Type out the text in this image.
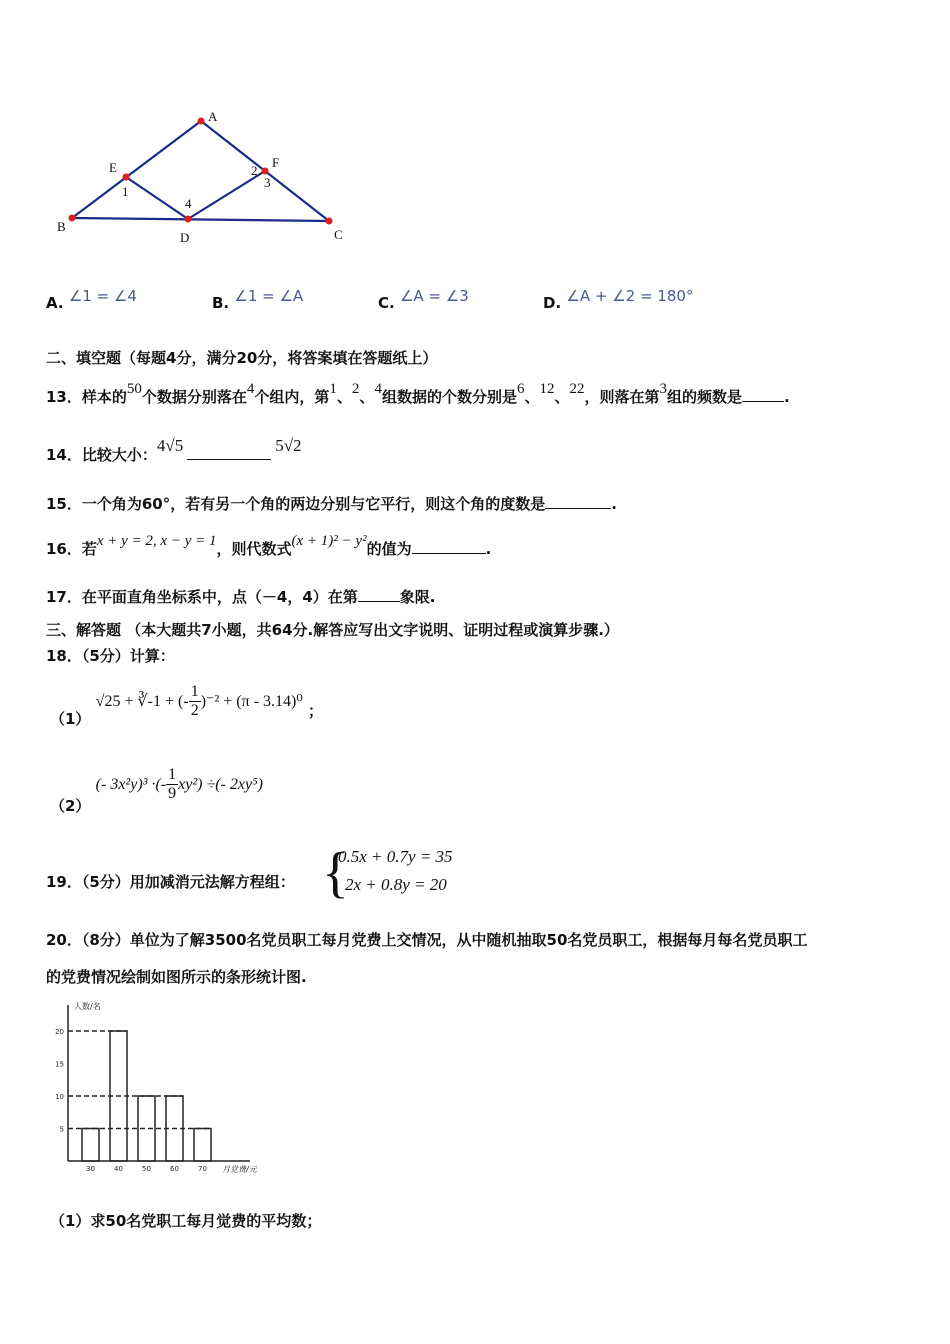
A
B
C
D
E	F
1
2
3
4
A. ∠1 = ∠4	B. ∠1 = ∠A	C. ∠A = ∠3	D. ∠A + ∠2 = 180°
二、填空题（每题4分，满分20分，将答案填在答题纸上）
13．样本的50个数据分别落在4个组内，第1、2、4组数据的个数分别是6、12、22，则落在第3组的频数是	.
14．比较大小：4√5	5√2
15．一个角为60°，若有另一个角的两边分别与它平行，则这个角的度数是	.
16．若x + y = 2, x − y = 1，则代数式(x + 1)² − y²的值为	.
17．在平面直角坐标系中，点（－4，4）在第	象限.
三、解答题 （本大题共7小题，共64分.解答应写出文字说明、证明过程或演算步骤.）
18．（5分）计算：
（1） √25 + ∛-1 + (- $\frac{1}{2} )^{-2} + (\pi - 3.14)^0$ ；
（2） (- 3x²y)³ ·(- $\frac{1}{9} xy^2$) ÷(- 2xy⁵)
19．（5分）用加减消元法解方程组： {
0.5x + 0.7y = 35
2x + 0.8y = 20
20．（8分）单位为了解3500名党员职工每月党费上交情况，从中随机抽取50名党员职工，根据每月每名党员职工
的党费情况绘制如图所示的条形统计图.
人数/名
月党费/元
5
10
15
20
30	40	50	60	70
（1）求50名党职工每月觉费的平均数；
